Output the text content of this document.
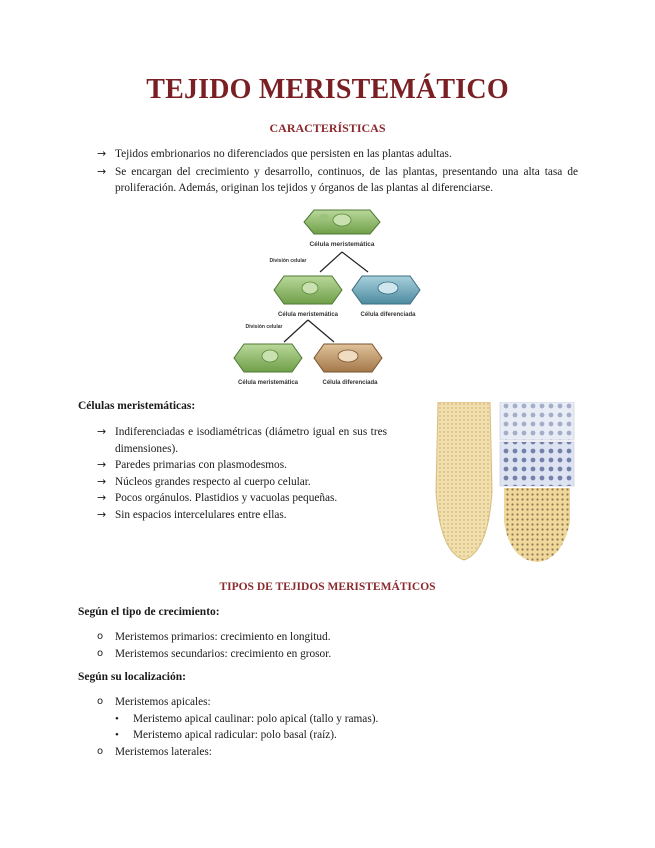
TEJIDO MERISTEMÁTICO
CARACTERÍSTICAS
→ Tejidos embrionarios no diferenciados que persisten en las plantas adultas.
→ Se encargan del crecimiento y desarrollo, continuos, de las plantas, presentando una alta tasa de proliferación. Además, originan los tejidos y órganos de las plantas al diferenciarse.
Célula meristemática
División celular
Célula meristemática	Célula diferenciada
División celular
Célula meristemática	Célula diferenciada
Células meristemáticas:
→ Indiferenciadas e isodiamétricas (diámetro igual en sus tres dimensiones).
→ Paredes primarias con plasmodesmos.
→ Núcleos grandes respecto al cuerpo celular.
→ Pocos orgánulos. Plastidios y vacuolas pequeñas.
→ Sin espacios intercelulares entre ellas.
TIPOS DE TEJIDOS MERISTEMÁTICOS
Según el tipo de crecimiento:
o Meristemos primarios: crecimiento en longitud.
o Meristemos secundarios: crecimiento en grosor.
Según su localización:
o Meristemos apicales:
• Meristemo apical caulinar: polo apical (tallo y ramas).
• Meristemo apical radicular: polo basal (raíz).
o Meristemos laterales:
